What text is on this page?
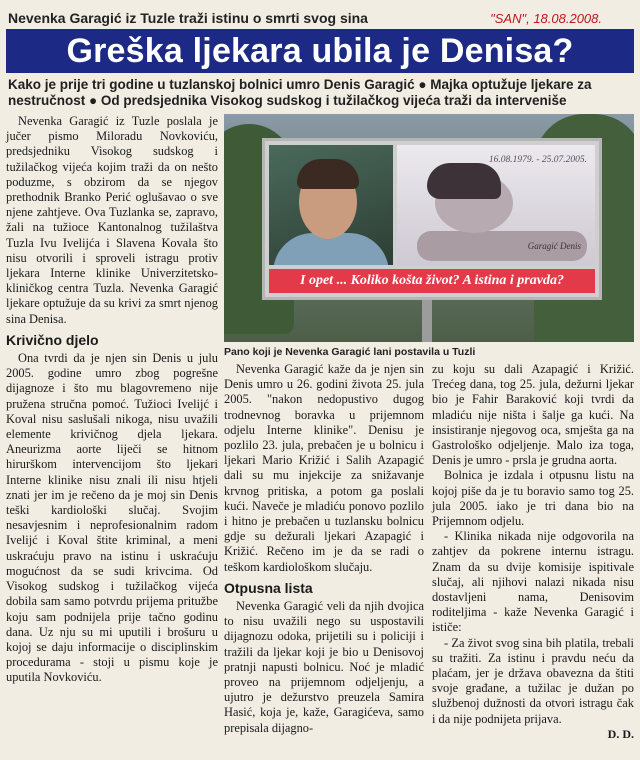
Nevenka Garagić iz Tuzle traži istinu o smrti svog sina	"SAN", 18.08.2008.
Greška ljekara ubila je Denisa?
Kako je prije tri godine u tuzlanskoj bolnici umro Denis Garagić ● Majka optužuje ljekare za nestručnost ● Od predsjednika Visokog sudskog i tužilačkog vijeća traži da interveniše

Nevenka Garagić iz Tuzle poslala je jučer pismo Miloradu Novkoviću, predsjedniku Visokog sudskog i tužilačkog vijeća kojim traži da on nešto poduzme, s obzirom da se njegov prethodnik Branko Perić oglušavao o sve njene zahtjeve. Ova Tuzlanka se, zapravo, žali na tužioce Kantonalnog tužilaštva Tuzla Ivu Ivelijća i Slavena Kovala što nisu otvorili i sproveli istragu protiv ljekara Interne klinike Univerzitetsko-kliničkog centra Tuzla. Nevenka Garagić ljekare optužuje da su krivi za smrt njenog sina Denisa.

Krivično djelo

Ona tvrdi da je njen sin Denis u julu 2005. godine umro zbog pogrešne dijagnoze i što mu blagovremeno nije pružena stručna pomoć. Tužioci Ivelijć i Koval nisu saslušali nikoga, nisu uvažili elemente krivičnog djela ljekara. Aneurizma aorte liječi se hitnom hirurškom intervencijom što ljekari Interne klinike nisu znali ili nisu htjeli znati jer im je rečeno da je moj sin Denis teški kardiološki slučaj. Svojim nesavjesnim i neprofesionalnim radom Ivelijć i Koval štite kriminal, a meni uskraćuju pravo na istinu i uskraćuju mogućnost da se sudi krivcima. Od Visokog sudskog i tužilačkog vijeća dobila sam samo potvrdu prijema pritužbe koju sam podnijela prije tačno godinu dana. Uz nju su mi uputili i brošuru u kojoj se daju informacije o disciplinskim procedurama - stoji u pismu koje je uputila Novkoviću.

16.08.1979. - 25.07.2005.
Garagić Denis
I opet ... Koliko košta život? A istina i pravda?
Pano koji je Nevenka Garagić lani postavila u Tuzli

Nevenka Garagić kaže da je njen sin Denis umro u 26. godini života 25. jula 2005. "nakon nedopustivo dugog trodnevnog boravka u prijemnom odjelu Interne klinike". Denisu je pozlilo 23. jula, prebačen je u bolnicu i ljekari Mario Križić i Salih Azapagić dali su mu injekcije za snižavanje krvnog pritiska, a potom ga poslali kući. Naveče je mladiću ponovo pozlilo i hitno je prebačen u tuzlansku bolnicu gdje su dežurali ljekari Azapagić i Križić. Rečeno im je da se radi o teškom kardiološkom slučaju.

Otpusna lista

Nevenka Garagić veli da njih dvojica to nisu uvažili nego su uspostavili dijagnozu odoka, prijetili su i policiji i tražili da ljekar koji je bio u Denisovoj pratnji napusti bolnicu. Noć je mladić proveo na prijemnom odjeljenju, a ujutro je dežurstvo preuzela Samira Hasić, koja je, kaže, Garagićeva, samo prepisala dijagno-

zu koju su dali Azapagić i Križić. Trećeg dana, tog 25. jula, dežurni ljekar bio je Fahir Baraković koji tvrdi da mladiću nije ništa i šalje ga kući. Na insistiranje njegovog oca, smješta ga na Gastrološko odjeljenje. Malo iza toga, Denis je umro - prsla je grudna aorta.

Bolnica je izdala i otpusnu listu na kojoj piše da je tu boravio samo tog 25. jula 2005. iako je tri dana bio na Prijemnom odjelu.

- Klinika nikada nije odgovorila na zahtjev da pokrene internu istragu. Znam da su dvije komisije ispitivale slučaj, ali njihovi nalazi nikada nisu dostavljeni nama, Denisovim roditeljima - kaže Nevenka Garagić i ističe:

- Za život svog sina bih platila, trebali su tražiti. Za istinu i pravdu neću da plaćam, jer je država obavezna da štiti svoje građane, a tužilac je dužan po službenoj dužnosti da otvori istragu čak i da nije podnijeta prijava.

D. D.
